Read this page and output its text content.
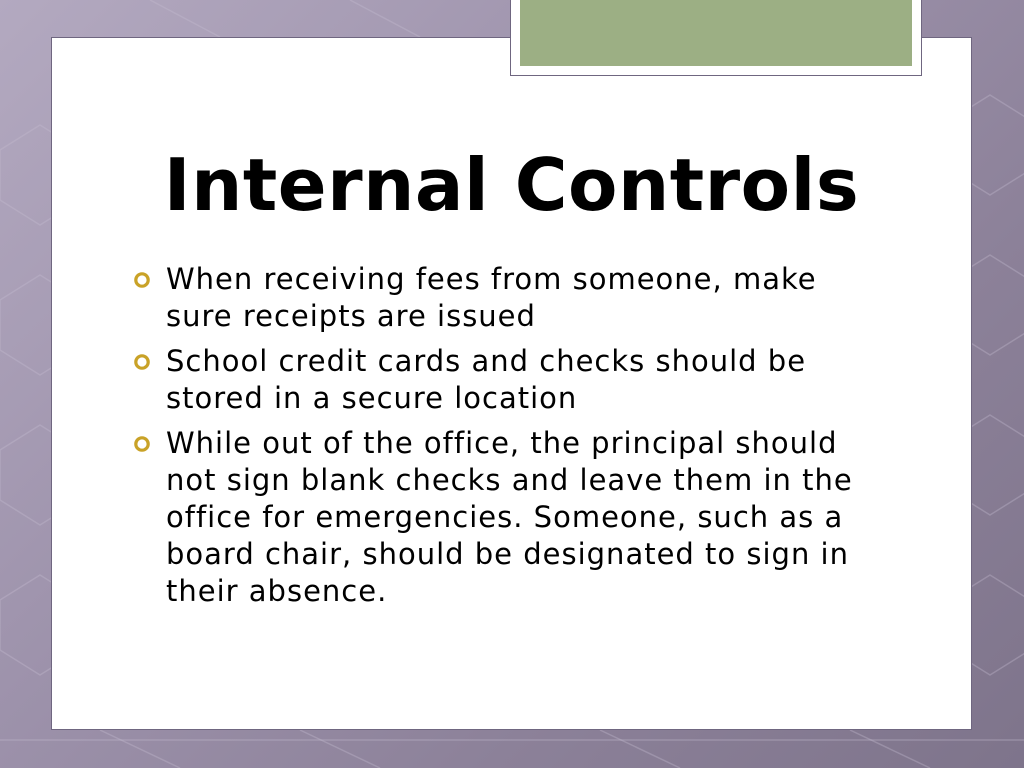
Internal Controls
When receiving fees from someone, make sure receipts are issued
School credit cards and checks should be stored in a secure location
While out of the office, the principal should not sign blank checks and leave them in the office for emergencies. Someone, such as a board chair, should be designated to sign in their absence.
